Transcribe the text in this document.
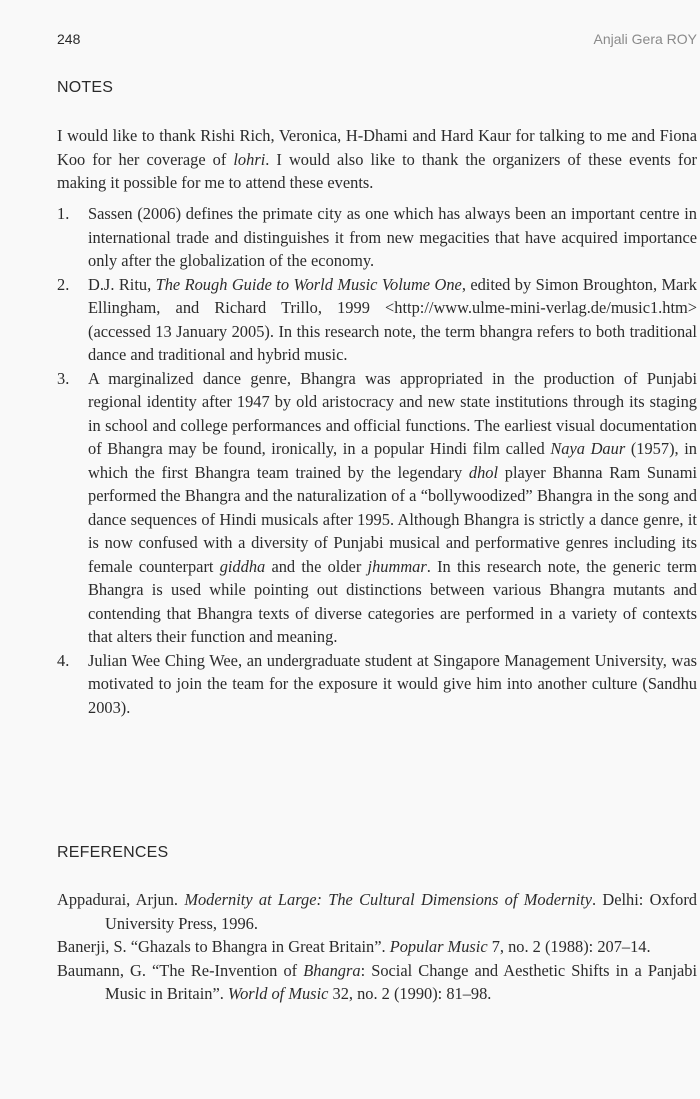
248	Anjali Gera ROY
NOTES

I would like to thank Rishi Rich, Veronica, H-Dhami and Hard Kaur for talking to me and Fiona Koo for her coverage of lohri. I would also like to thank the organizers of these events for making it possible for me to attend these events.

1.	Sassen (2006) defines the primate city as one which has always been an important centre in international trade and distinguishes it from new megacities that have acquired importance only after the globalization of the economy.
2.	D.J. Ritu, The Rough Guide to World Music Volume One, edited by Simon Broughton, Mark Ellingham, and Richard Trillo, 1999 <http://www.ulme-mini-verlag.de/music1.htm> (accessed 13 January 2005). In this research note, the term bhangra refers to both traditional dance and traditional and hybrid music.
3.	A marginalized dance genre, Bhangra was appropriated in the production of Punjabi regional identity after 1947 by old aristocracy and new state institutions through its staging in school and college performances and official functions. The earliest visual documentation of Bhangra may be found, ironically, in a popular Hindi film called Naya Daur (1957), in which the first Bhangra team trained by the legendary dhol player Bhanna Ram Sunami performed the Bhangra and the naturalization of a “bollywoodized” Bhangra in the song and dance sequences of Hindi musicals after 1995. Although Bhangra is strictly a dance genre, it is now confused with a diversity of Punjabi musical and performative genres including its female counterpart giddha and the older jhummar. In this research note, the generic term Bhangra is used while pointing out distinctions between various Bhangra mutants and contending that Bhangra texts of diverse categories are performed in a variety of contexts that alters their function and meaning.
4.	Julian Wee Ching Wee, an undergraduate student at Singapore Management University, was motivated to join the team for the exposure it would give him into another culture (Sandhu 2003).
REFERENCES
Appadurai, Arjun. Modernity at Large: The Cultural Dimensions of Modernity. Delhi: Oxford University Press, 1996.
Banerji, S. “Ghazals to Bhangra in Great Britain”. Popular Music 7, no. 2 (1988): 207–14.
Baumann, G. “The Re-Invention of Bhangra: Social Change and Aesthetic Shifts in a Panjabi Music in Britain”. World of Music 32, no. 2 (1990): 81–98.
